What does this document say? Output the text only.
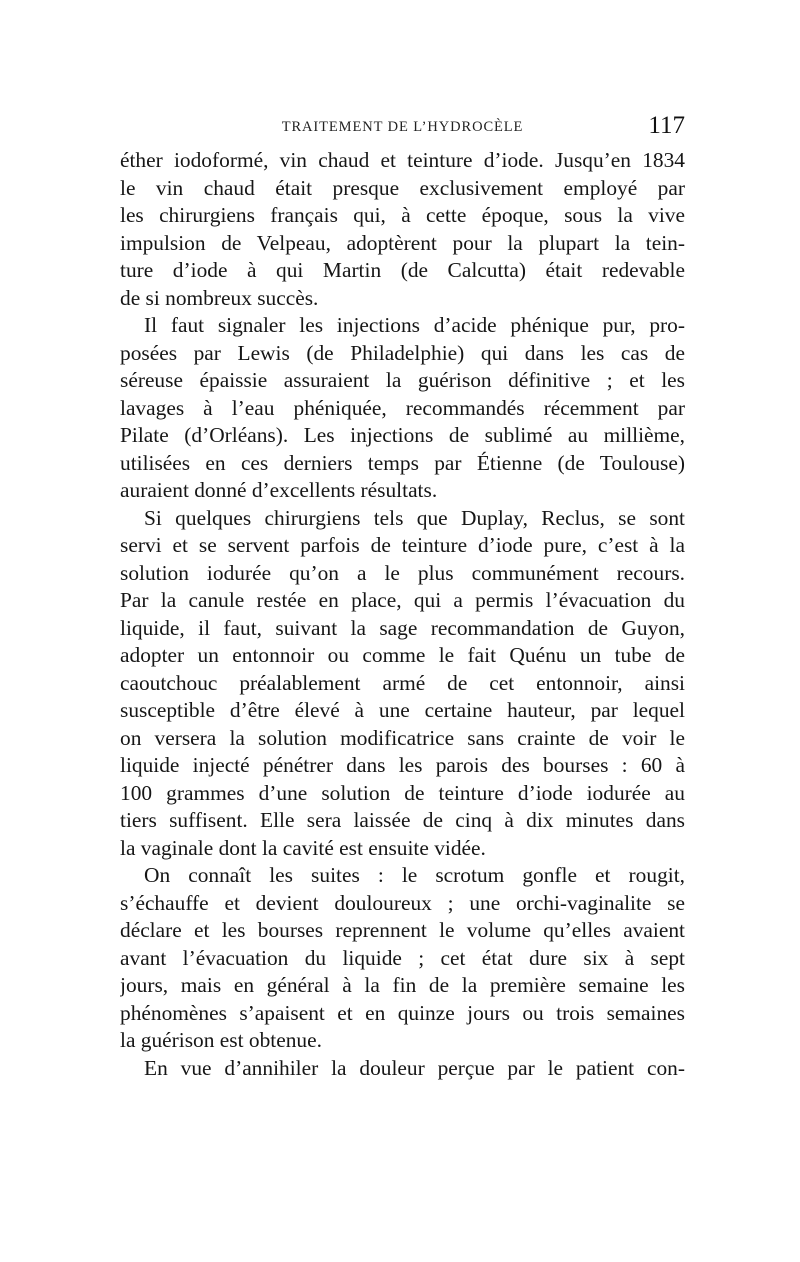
TRAITEMENT DE L’HYDROCÈLE	117
éther iodoformé, vin chaud et teinture d’iode. Jusqu’en 1834
le vin chaud était presque exclusivement employé par
les chirurgiens français qui, à cette époque, sous la vive
impulsion de Velpeau, adoptèrent pour la plupart la tein-
ture d’iode à qui Martin (de Calcutta) était redevable
de si nombreux succès.
Il faut signaler les injections d’acide phénique pur, pro-
posées par Lewis (de Philadelphie) qui dans les cas de
séreuse épaissie assuraient la guérison définitive ; et les
lavages à l’eau phéniquée, recommandés récemment par
Pilate (d’Orléans). Les injections de sublimé au millième,
utilisées en ces derniers temps par Étienne (de Toulouse)
auraient donné d’excellents résultats.
Si quelques chirurgiens tels que Duplay, Reclus, se sont
servi et se servent parfois de teinture d’iode pure, c’est à la
solution iodurée qu’on a le plus communément recours.
Par la canule restée en place, qui a permis l’évacuation du
liquide, il faut, suivant la sage recommandation de Guyon,
adopter un entonnoir ou comme le fait Quénu un tube de
caoutchouc préalablement armé de cet entonnoir, ainsi
susceptible d’être élevé à une certaine hauteur, par lequel
on versera la solution modificatrice sans crainte de voir le
liquide injecté pénétrer dans les parois des bourses : 60 à
100 grammes d’une solution de teinture d’iode iodurée au
tiers suffisent. Elle sera laissée de cinq à dix minutes dans
la vaginale dont la cavité est ensuite vidée.
On connaît les suites : le scrotum gonfle et rougit,
s’échauffe et devient douloureux ; une orchi-vaginalite se
déclare et les bourses reprennent le volume qu’elles avaient
avant l’évacuation du liquide ; cet état dure six à sept
jours, mais en général à la fin de la première semaine les
phénomènes s’apaisent et en quinze jours ou trois semaines
la guérison est obtenue.
En vue d’annihiler la douleur perçue par le patient con-
